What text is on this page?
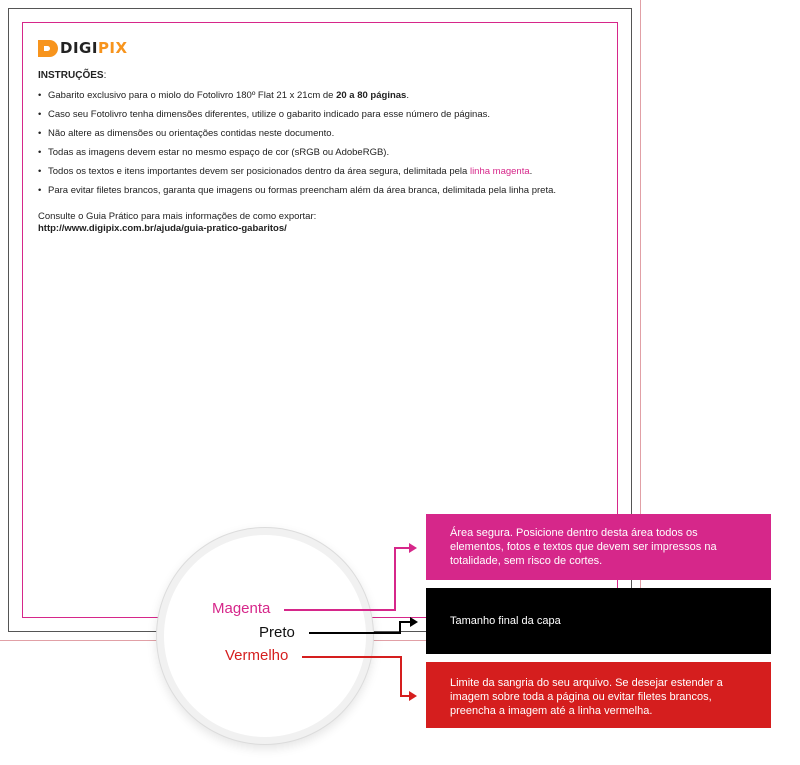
DIGIPIX
INSTRUÇÕES:
• Gabarito exclusivo para o miolo do Fotolivro 180º Flat 21 x 21cm de 20 a 80 páginas.
• Caso seu Fotolivro tenha dimensões diferentes, utilize o gabarito indicado para esse número de páginas.
• Não altere as dimensões ou orientações contidas neste documento.
• Todas as imagens devem estar no mesmo espaço de cor (sRGB ou AdobeRGB).
• Todos os textos e itens importantes devem ser posicionados dentro da área segura, delimitada pela linha magenta.
• Para evitar filetes brancos, garanta que imagens ou formas preencham além da área branca, delimitada pela linha preta.
Consulte o Guia Prático para mais informações de como exportar:
http://www.digipix.com.br/ajuda/guia-pratico-gabaritos/
Magenta
Preto
Vermelho
Área segura. Posicione dentro desta área todos os elementos, fotos e textos que devem ser impressos na totalidade, sem risco de cortes.
Tamanho final da capa
Limite da sangria do seu arquivo. Se desejar estender a imagem sobre toda a página ou evitar filetes brancos, preencha a imagem até a linha vermelha.
